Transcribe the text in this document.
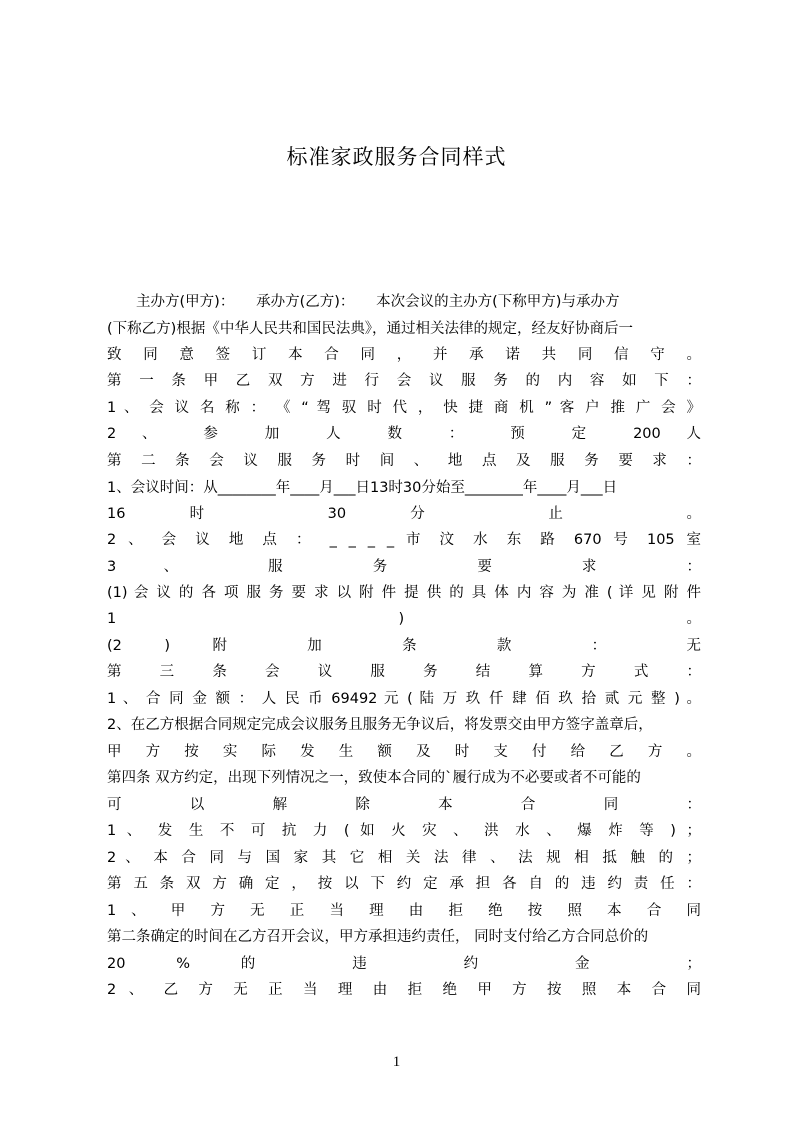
标准家政服务合同样式
　　主办方(甲方)：　　承办方(乙方)：　　本次会议的主办方(下称甲方)与承办方
(下称乙方)根据《中华人民共和国民法典》，通过相关法律的规定，经友好协商后一
致 同 意 签 订 本 合 同 ， 并 承 诺 共 同 信 守 。
第 一 条 甲 乙 双 方 进 行 会 议 服 务 的 内 容 如 下 ：
1 、 会 议 名 称 ： 《 “ 驾 驭 时 代 ， 快 捷 商 机 ” 客 户 推 广 会 》
2 、 参 加 人 数 ： 预 定 200 人
第 二 条 会 议 服 务 时 间 、 地 点 及 服 务 要 求 ：
1、会议时间：从________年____月___日13时30分始至________年____月___日
16 时 30 分 止 。
2 、 会 议 地 点 ： _ _ _ _ 市 汶 水 东 路 670 号 105 室
3 、 服 务 要 求 ：
(1) 会 议 的 各 项 服 务 要 求 以 附 件 提 供 的 具 体 内 容 为 准 ( 详 见 附 件
1 ) 。
(2 ) 附 加 条 款 ： 无
第 三 条 会 议 服 务 结 算 方 式 ：
1 、 合 同 金 额 ： 人 民 币 69492 元 ( 陆 万 玖 仟 肆 佰 玖 拾 贰 元 整 ) 。
2、在乙方根据合同规定完成会议服务且服务无争议后，将发票交由甲方签字盖章后，
甲 方 按 实 际 发 生 额 及 时 支 付 给 乙 方 。
第四条 双方约定，出现下列情况之一，致使本合同的`履行成为不必要或者不可能的
可 以 解 除 本 合 同 ：
1 、 发 生 不 可 抗 力 ( 如 火 灾 、 洪 水 、 爆 炸 等 ) ；
2 、 本 合 同 与 国 家 其 它 相 关 法 律 、 法 规 相 抵 触 的 ；
第 五 条 双 方 确 定 ， 按 以 下 约 定 承 担 各 自 的 违 约 责 任 ：
1 、 甲 方 无 正 当 理 由 拒 绝 按 照 本 合 同
第二条确定的时间在乙方召开会议，甲方承担违约责任， 同时支付给乙方合同总价的
20 % 的 违 约 金 ；
2 、 乙 方 无 正 当 理 由 拒 绝 甲 方 按 照 本 合 同
1
